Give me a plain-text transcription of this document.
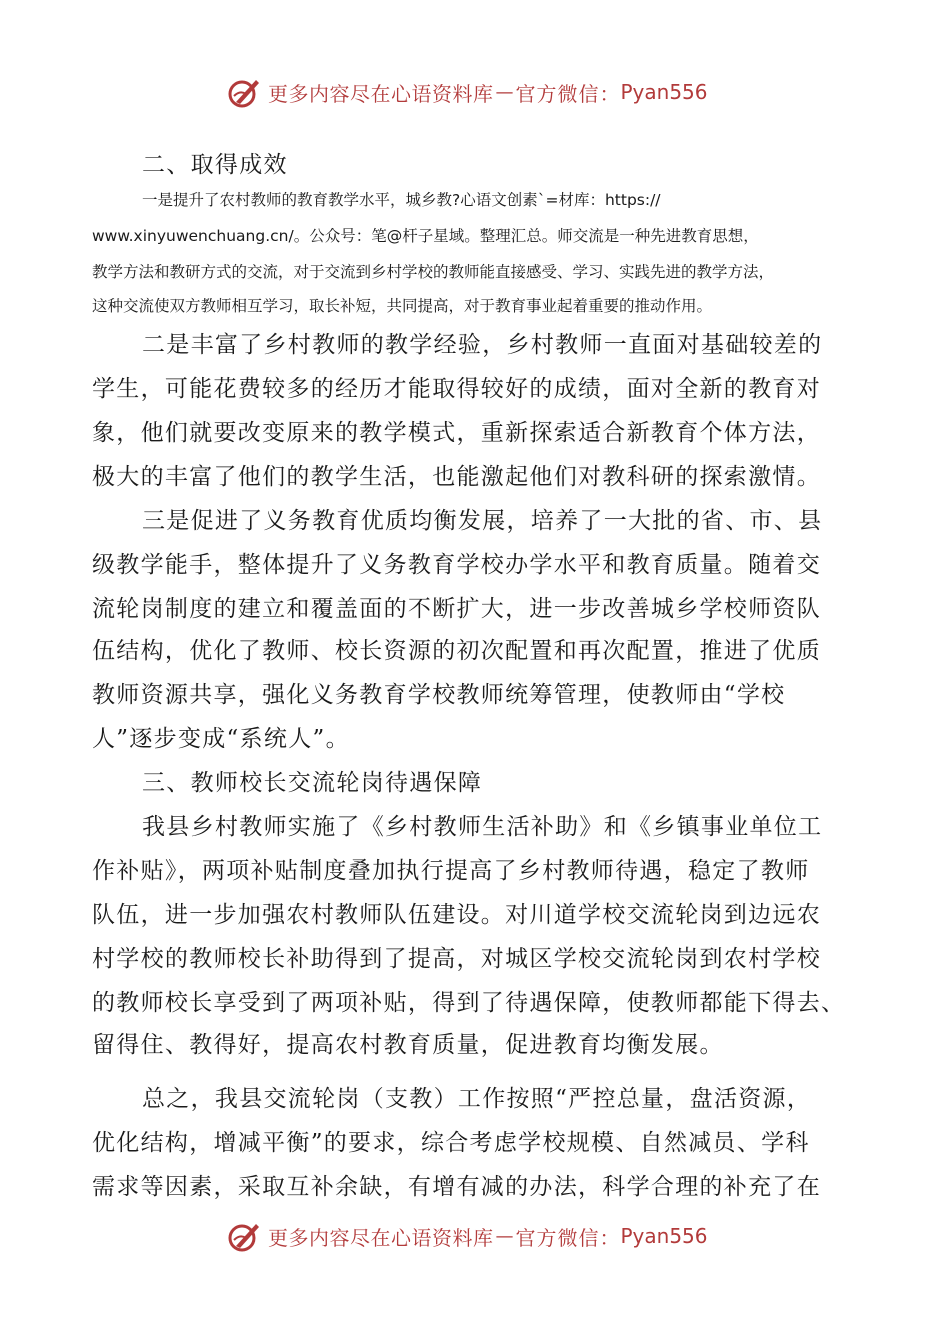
更多内容尽在心语资料库 — 官方微信： Pyan556
二、取得成效
一是提升了农村教师的教育教学水平，城乡教?心语文创素`=材库：https://
www.xinyuwenchuang.cn/。公众号：笔@杆子星域。整理汇总。师交流是一种先进教育思想，
教学方法和教研方式的交流，对于交流到乡村学校的教师能直接感受、学习、实践先进的教学方法，
这种交流使双方教师相互学习，取长补短，共同提高，对于教育事业起着重要的推动作用。
二是丰富了乡村教师的教学经验，乡村教师一直面对基础较差的
学生，可能花费较多的经历才能取得较好的成绩，面对全新的教育对
象，他们就要改变原来的教学模式，重新探索适合新教育个体方法，
极大的丰富了他们的教学生活，也能激起他们对教科研的探索激情。
三是促进了义务教育优质均衡发展，培养了一大批的省、市、县
级教学能手，整体提升了义务教育学校办学水平和教育质量。随着交
流轮岗制度的建立和覆盖面的不断扩大，进一步改善城乡学校师资队
伍结构，优化了教师、校长资源的初次配置和再次配置，推进了优质
教师资源共享，强化义务教育学校教师统筹管理，使教师由“学校
人”逐步变成“系统人”。
三、教师校长交流轮岗待遇保障
我县乡村教师实施了《乡村教师生活补助》和《乡镇事业单位工
作补贴》，两项补贴制度叠加执行提高了乡村教师待遇，稳定了教师
队伍，进一步加强农村教师队伍建设。对川道学校交流轮岗到边远农
村学校的教师校长补助得到了提高，对城区学校交流轮岗到农村学校
的教师校长享受到了两项补贴，得到了待遇保障，使教师都能下得去、
留得住、教得好，提高农村教育质量，促进教育均衡发展。
总之，我县交流轮岗（支教）工作按照“严控总量，盘活资源，
优化结构，增减平衡”的要求，综合考虑学校规模、自然减员、学科
需求等因素，采取互补余缺，有增有减的办法，科学合理的补充了在
更多内容尽在心语资料库 — 官方微信： Pyan556
